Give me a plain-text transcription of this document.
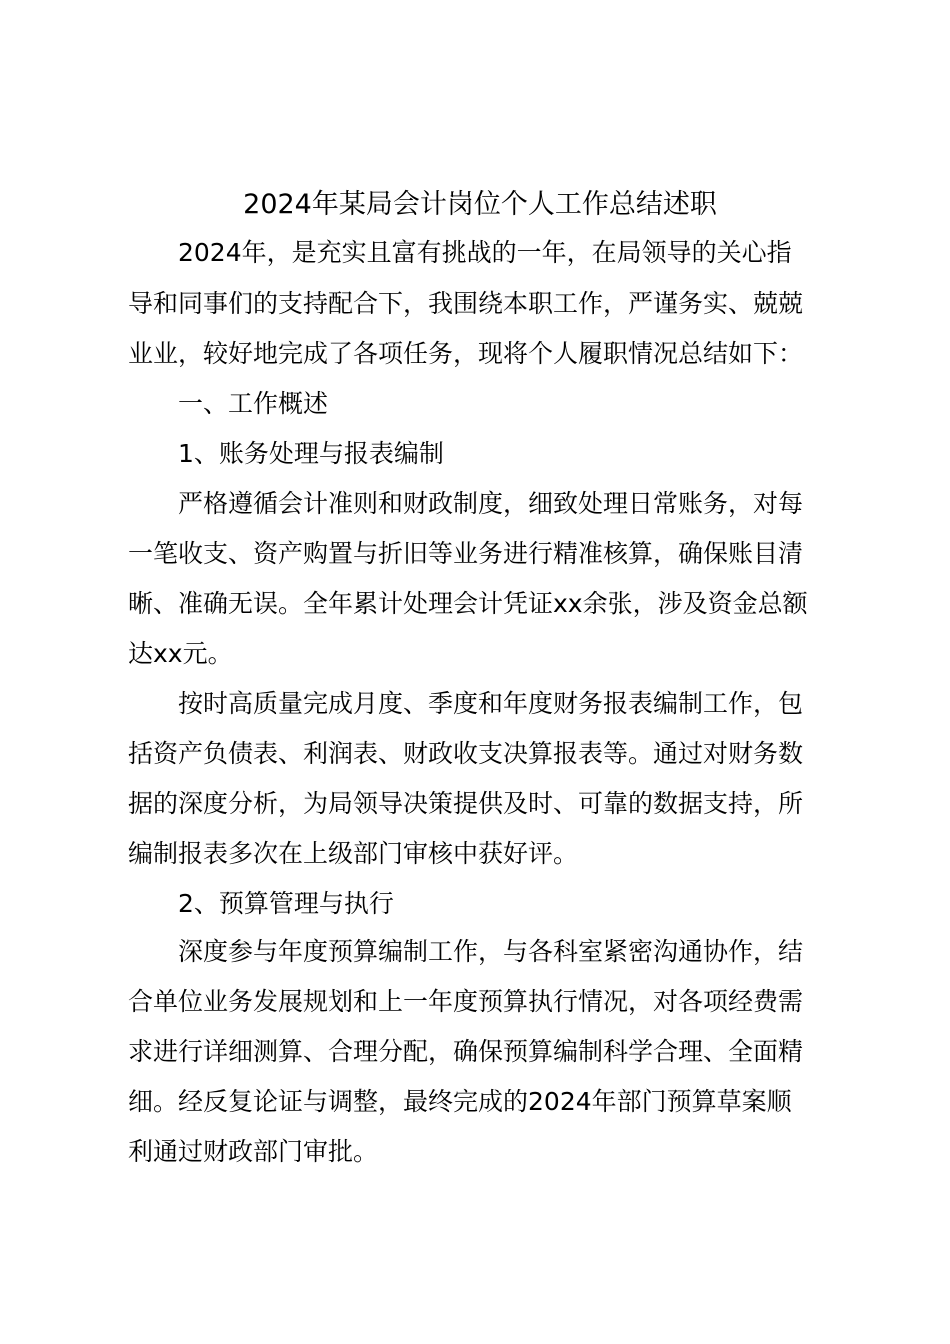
2024年某局会计岗位个人工作总结述职
2024年，是充实且富有挑战的一年，在局领导的关心指
导和同事们的支持配合下，我围绕本职工作，严谨务实、兢兢
业业，较好地完成了各项任务，现将个人履职情况总结如下：
一、工作概述
1、账务处理与报表编制
严格遵循会计准则和财政制度，细致处理日常账务，对每
一笔收支、资产购置与折旧等业务进行精准核算，确保账目清
晰、准确无误。全年累计处理会计凭证xx余张，涉及资金总额
达xx元。
按时高质量完成月度、季度和年度财务报表编制工作，包
括资产负债表、利润表、财政收支决算报表等。通过对财务数
据的深度分析，为局领导决策提供及时、可靠的数据支持，所
编制报表多次在上级部门审核中获好评。
2、预算管理与执行
深度参与年度预算编制工作，与各科室紧密沟通协作，结
合单位业务发展规划和上一年度预算执行情况，对各项经费需
求进行详细测算、合理分配，确保预算编制科学合理、全面精
细。经反复论证与调整，最终完成的2024年部门预算草案顺
利通过财政部门审批。
